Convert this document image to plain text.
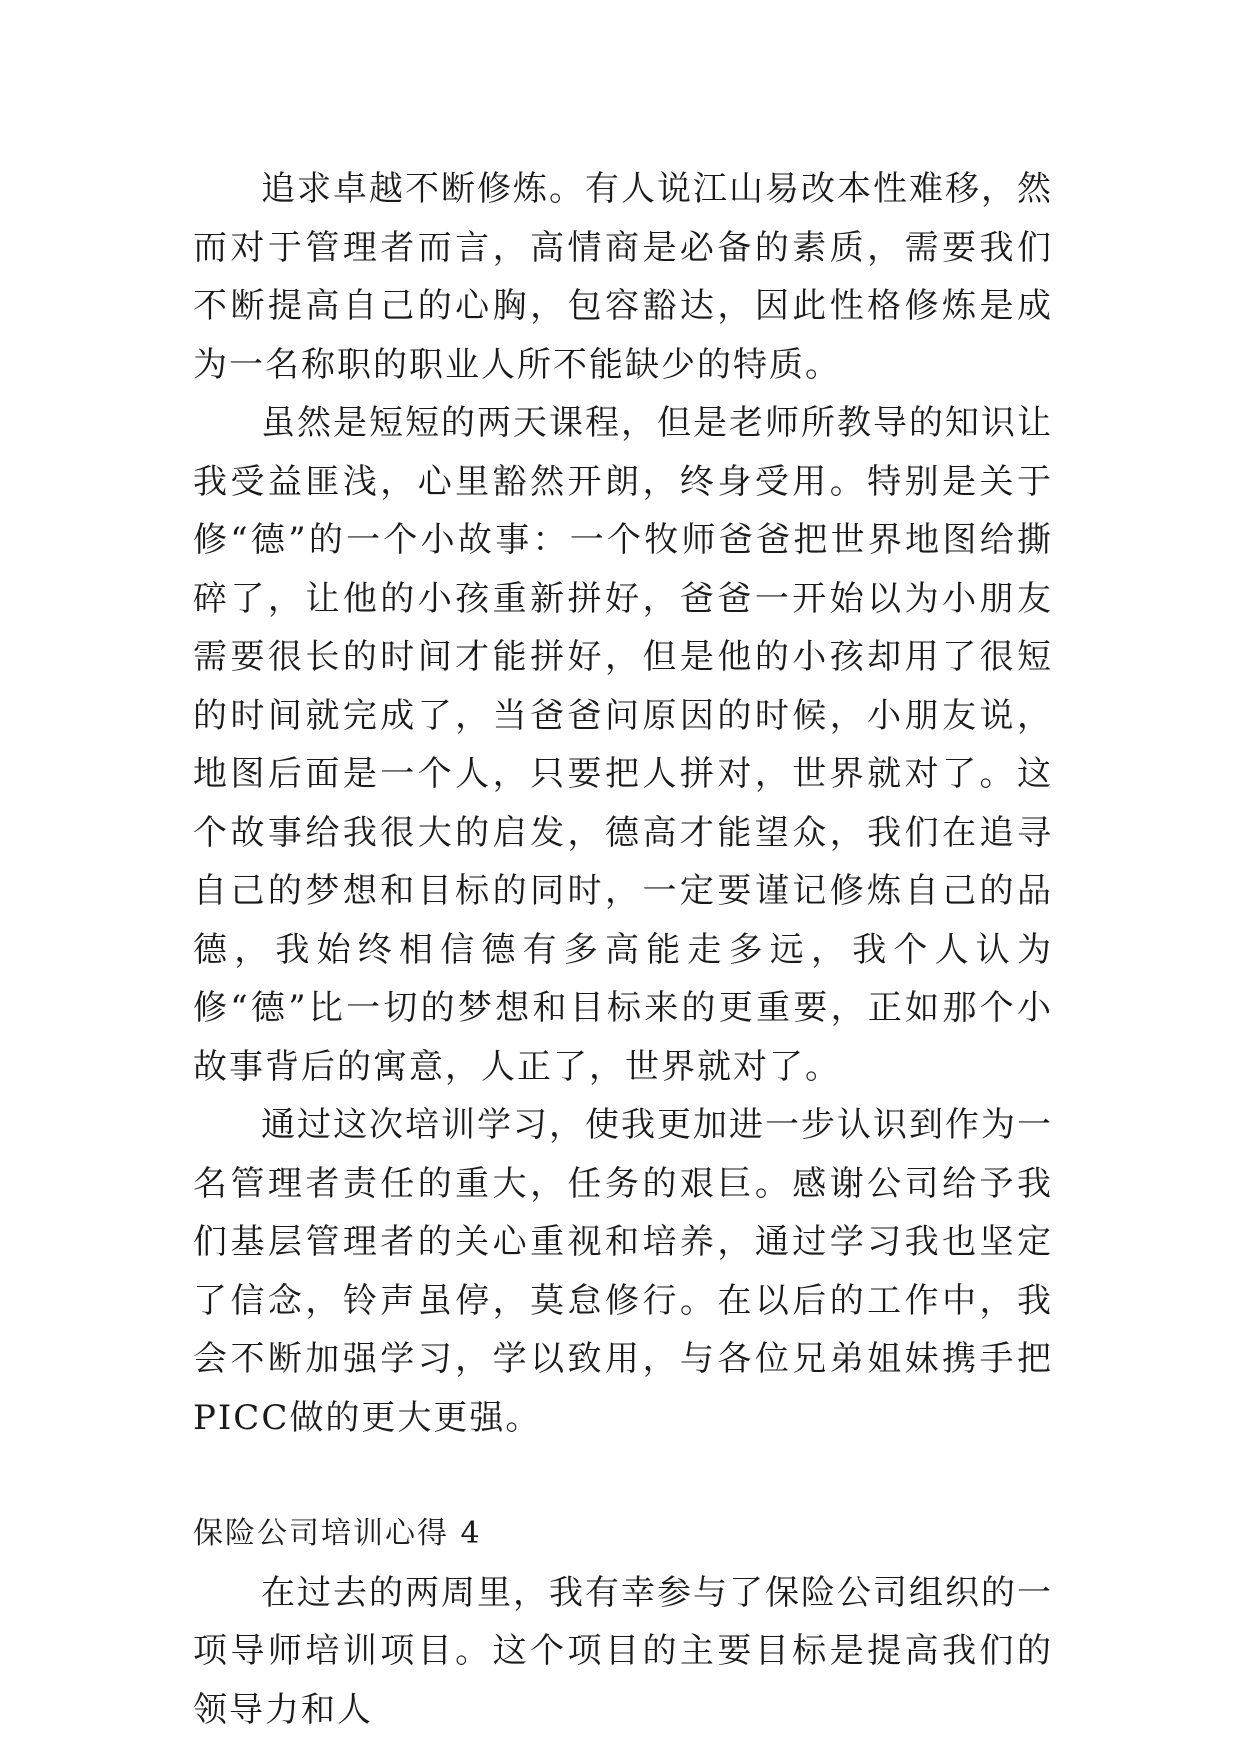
追求卓越不断修炼。有人说江山易改本性难移，然而对于管理者而言，高情商是必备的素质，需要我们不断提高自己的心胸，包容豁达，因此性格修炼是成为一名称职的职业人所不能缺少的特质。

虽然是短短的两天课程，但是老师所教导的知识让我受益匪浅，心里豁然开朗，终身受用。特别是关于修“德”的一个小故事：一个牧师爸爸把世界地图给撕碎了，让他的小孩重新拼好，爸爸一开始以为小朋友需要很长的时间才能拼好，但是他的小孩却用了很短的时间就完成了，当爸爸问原因的时候，小朋友说，地图后面是一个人，只要把人拼对，世界就对了。这个故事给我很大的启发，德高才能望众，我们在追寻自己的梦想和目标的同时，一定要谨记修炼自己的品德，我始终相信德有多高能走多远，我个人认为修“德”比一切的梦想和目标来的更重要，正如那个小故事背后的寓意，人正了，世界就对了。

通过这次培训学习，使我更加进一步认识到作为一名管理者责任的重大，任务的艰巨。感谢公司给予我们基层管理者的关心重视和培养，通过学习我也坚定了信念，铃声虽停，莫怠修行。在以后的工作中，我会不断加强学习，学以致用，与各位兄弟姐妹携手把PICC做的更大更强。

保险公司培训心得 4

在过去的两周里，我有幸参与了保险公司组织的一项导师培训项目。这个项目的主要目标是提高我们的领导力和人
